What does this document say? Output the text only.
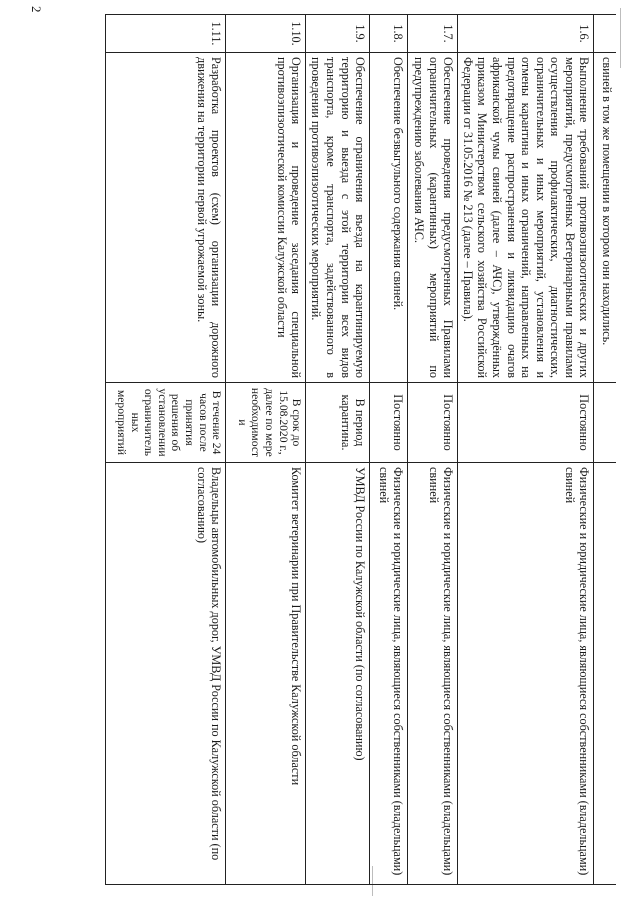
2
	свиней в том же помещении в котором они находились.		
1.6.	Выполнение требований противоэпизоотических и других мероприятий, предусмотренных Ветеринарными правилами осуществления профилактических, диагностических, ограничительных и иных мероприятий, установления и отмены карантина и иных ограничений, направленных на предотвращение распространения и ликвидацию очагов африканской чумы свиней (далее – АЧС), утверждённых приказом Министерством сельского хозяйства Российской Федерации от 31.05.2016 № 213 (далее – Правила).	Постоянно	Физические и юридические лица, являющиеся собственниками (владельцами) свиней
1.7.	Обеспечение проведения предусмотренных Правилами ограничительных (карантинных) мероприятий по предупреждению заболевания АЧС.	Постоянно	Физические и юридические лица, являющиеся собственниками (владельцами) свиней
1.8.	Обеспечение безвыгульного содержания свиней.	Постоянно	Физические и юридические лица, являющиеся собственниками (владельцами) свиней
1.9.	Обеспечение ограничения въезда на карантинируемую территорию и выезда с этой территории всех видов транспорта, кроме транспорта, задействованного в проведении противоэпизоотических мероприятий.	В период карантина.	УМВД России по Калужской области (по согласованию)
1.10.	Организация и проведение заседания специальной противоэпизоотической комиссии Калужской области	В срок до 15.08.2020 г., далее по мере необходимост и	Комитет ветеринарии при Правительстве Калужской области
1.11.	Разработка проектов (схем) организации дорожного движения на территории первой угрожаемой зоны.	В течение 24 часов после принятия решения об установлении ограничитель ных мероприятий	Владельцы автомобильных дорог, УМВД России по Калужской области (по согласованию)
